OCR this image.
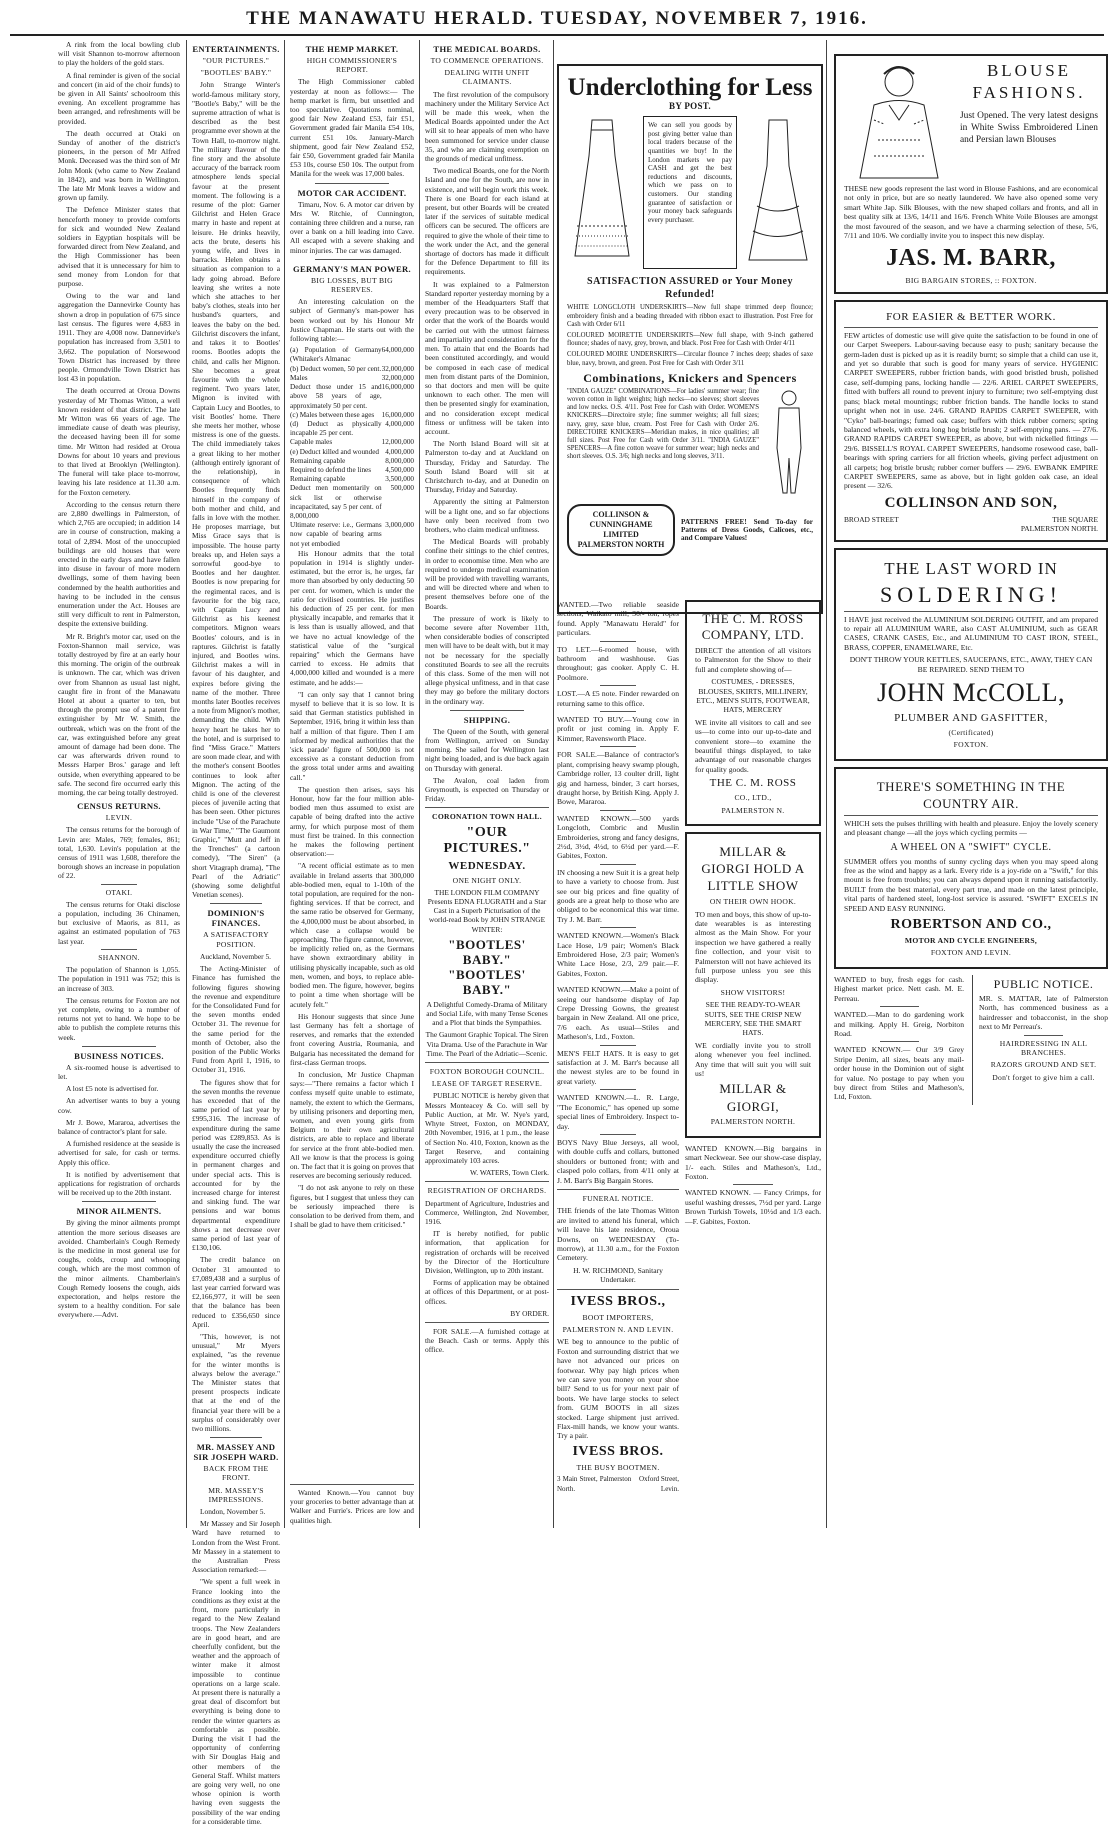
THE MANAWATU HERALD. TUESDAY, NOVEMBER 7, 1916.

A rink from the local bowling club will visit Shannon to-morrow afternoon to play the holders of the gold stars.

A final reminder is given of the social and concert (in aid of the choir funds) to be given in All Saints' schoolroom this evening. An excellent programme has been arranged, and refreshments will be provided.

The death occurred at Otaki on Sunday of another of the district's pioneers, in the person of Mr Alfred Monk. Deceased was the third son of Mr John Monk (who came to New Zealand in 1842), and was born in Wellington. The late Mr Monk leaves a widow and grown up family.

The Defence Minister states that henceforth money to provide comforts for sick and wounded New Zealand soldiers in Egyptian hospitals will be forwarded direct from New Zealand, and the High Commissioner has been advised that it is unnecessary for him to send money from London for that purpose.

Owing to the war and land aggregation the Dannevirke County has shown a drop in population of 675 since last census. The figures were 4,683 in 1911. They are 4,008 now. Dannevirke's population has increased from 3,501 to 3,662. The population of Norsewood Town District has increased by three people. Ormondville Town District has lost 43 in population.

The death occurred at Oroua Downs yesterday of Mr Thomas Witton, a well known resident of that district. The late Mr Witton was 66 years of age. The immediate cause of death was pleurisy, the deceased having been ill for some time. Mr Witton had resided at Oroua Downs for about 10 years and previous to that lived at Brooklyn (Wellington). The funeral will take place to-morrow, leaving his late residence at 11.30 a.m. for the Foxton cemetery.

According to the census return there are 2,880 dwellings in Palmerston, of which 2,765 are occupied; in addition 14 are in course of construction, making a total of 2,894. Most of the unoccupied buildings are old houses that were erected in the early days and have fallen into disuse in favour of more modern dwellings, some of them having been condemned by the health authorities and having to be included in the census enumeration under the Act. Houses are still very difficult to rent in Palmerston, despite the extensive building.

Mr R. Bright's motor car, used on the Foxton-Shannon mail service, was totally destroyed by fire at an early hour this morning. The origin of the outbreak is unknown. The car, which was driven over from Shannon as usual last night, caught fire in front of the Manawatu Hotel at about a quarter to ten, but through the prompt use of a patent fire extinguisher by Mr W. Smith, the outbreak, which was on the front of the car, was extinguished before any great amount of damage had been done. The car was afterwards driven round to Messrs Harper Bros.' garage and left outside, when everything appeared to be safe. The second fire occurred early this morning, the car being totally destroyed.

CENSUS RETURNS.
LEVIN.

The census returns for the borough of Levin are: Males, 769; females, 861; total, 1,630. Levin's population at the census of 1911 was 1,608, therefore the borough shows an increase in population of 22.

OTAKI.

The census returns for Otaki disclose a population, including 36 Chinamen, but exclusive of Maoris, as 811, as against an estimated population of 763 last year.

SHANNON.

The population of Shannon is 1,055. The population in 1911 was 752; this is an increase of 303.

The census returns for Foxton are not yet complete, owing to a number of returns not yet to hand. We hope to be able to publish the complete returns this week.

BUSINESS NOTICES.

A six-roomed house is advertised to let.

A lost £5 note is advertised for.

An advertiser wants to buy a young cow.

Mr J. Bowe, Mararoa, advertises the balance of contractor's plant for sale.

A furnished residence at the seaside is advertised for sale, for cash or terms. Apply this office.

It is notified by advertisement that applications for registration of orchards will be received up to the 20th instant.

MINOR AILMENTS.

By giving the minor ailments prompt attention the more serious diseases are avoided. Chamberlain's Cough Remedy is the medicine in most general use for coughs, colds, croup and whooping cough, which are the most common of the minor ailments. Chamberlain's Cough Remedy loosens the cough, aids expectoration, and helps restore the system to a healthy condition. For sale everywhere.—Advt.

ENTERTAINMENTS.
"OUR PICTURES."
"BOOTLES' BABY."

John Strange Winter's world-famous military story, "Bootle's Baby," will be the supreme attraction of what is described as the best programme ever shown at the Town Hall, to-morrow night. The military flavour of the fine story and the absolute accuracy of the barrack room atmosphere lends special favour at the present moment. The following is a resume of the plot: Garner Gilchrist and Helen Grace marry in haste and repent at leisure. He drinks heavily, acts the brute, deserts his young wife, and lives in barracks. Helen obtains a situation as companion to a lady going abroad. Before leaving she writes a note which she attaches to her baby's clothes, steals into her husband's quarters, and leaves the baby on the bed. Gilchrist discovers the infant, and takes it to Bootles' rooms. Bootles adopts the child, and calls her Mignon. She becomes a great favourite with the whole regiment. Two years later, Mignon is invited with Captain Lucy and Bootles, to visit Bootles' home. There she meets her mother, whose mistress is one of the guests. The child immediately takes a great liking to her mother (although entirely ignorant of the relationship), in consequence of which Bootles frequently finds himself in the company of both mother and child, and falls in love with the mother. He proposes marriage, but Miss Grace says that is impossible. The house party breaks up, and Helen says a sorrowful good-bye to Bootles and her daughter. Bootles is now preparing for the regimental races, and is favourite for the big race, with Captain Lucy and Gilchrist as his keenest competitors. Mignon wears Bootles' colours, and is in raptures. Gilchrist is fatally injured, and Bootles wins. Gilchrist makes a will in favour of his daughter, and expires before giving the name of the mother. Three months later Bootles receives a note from Mignon's mother, demanding the child. With heavy heart he takes her to the hotel, and is surprised to find "Miss Grace." Matters are soon made clear, and with the mother's consent Bootles continues to look after Mignon. The acting of the child is one of the cleverest pieces of juvenile acting that has been seen. Other pictures include "Use of the Parachute in War Time," "The Gaumont Graphic," "Mutt and Jeff in the Trenches" (a cartoon comedy), "The Siren" (a short Vitagraph drama), "The Pearl of the Adriatic" (showing some delightful Venetian scenes).

DOMINION'S FINANCES.
A SATISFACTORY POSITION.

Auckland, November 5.

The Acting-Minister of Finance has furnished the following figures showing the revenue and expenditure for the Consolidated Fund for the seven months ended October 31. The revenue for the same period for the month of October, also the position of the Public Works Fund from April 1, 1916, to October 31, 1916.

The figures show that for the seven months the revenue has exceeded that of the same period of last year by £995,316. The increase of expenditure during the same period was £289,853. As is usually the case the increased expenditure occurred chiefly in permanent charges and under special acts. This is accounted for by the increased charge for interest and sinking fund. The war pensions and war bonus departmental expenditure shows a net decrease over same period of last year of £130,106.

The credit balance on October 31 amounted to £7,089,438 and a surplus of last year carried forward was £2,166,977, it will be seen that the balance has been reduced to £356,650 since April.

"This, however, is not unusual," Mr Myers explained, "as the revenue for the winter months is always below the average." The Minister states that present prospects indicate that at the end of the financial year there will be a surplus of considerably over two millions.

MR. MASSEY AND SIR JOSEPH WARD.
BACK FROM THE FRONT.
MR. MASSEY'S IMPRESSIONS.

London, November 5.

Mr Massey and Sir Joseph Ward have returned to London from the West Front. Mr Massey in a statement to the Australian Press Association remarked:—

"We spent a full week in France looking into the conditions as they exist at the front, more particularly in regard to the New Zealand troops. The New Zealanders are in good heart, and are cheerfully confident, but the weather and the approach of winter make it almost impossible to continue operations on a large scale. At present there is naturally a great deal of discomfort but everything is being done to render the winter quarters as comfortable as possible. During the visit I had the opportunity of conferring with Sir Douglas Haig and other members of the General Staff. Whilst matters are going very well, no one whose opinion is worth having even suggests the possibility of the war ending for a considerable time.

THE HEMP MARKET.
HIGH COMMISSIONER'S REPORT.

The High Commissioner cabled yesterday at noon as follows:— The hemp market is firm, but unsettled and too speculative. Quotations nominal, good fair New Zealand £53, fair £51, Government graded fair Manila £54 10s, current £51 10s. January-March shipment, good fair New Zealand £52, fair £50, Government graded fair Manila £53 10s, course £50 10s. The output from Manila for the week was 17,000 bales.

MOTOR CAR ACCIDENT.

Timaru, Nov. 6. A motor car driven by Mrs W. Ritchie, of Cunnington, containing three children and a nurse, ran over a bank on a hill leading into Cave. All escaped with a severe shaking and minor injuries. The car was damaged.

GERMANY'S MAN POWER.
BIG LOSSES, BUT BIG RESERVES.

An interesting calculation on the subject of Germany's man-power has been worked out by his Honour Mr Justice Chapman. He starts out with the following table:—

(a) Population of Germany (Whitaker's Almanac	64,000,000
(b) Deduct women, 50 per cent.	32,000,000
Males	32,000,000
Deduct those under 15 and above 58 years of age, approximately 50 per cent.	16,000,000
(c) Males between these ages	16,000,000
(d) Deduct as physically incapable 25 per cent.	4,000,000
Capable males	12,000,000
(e) Deduct killed and wounded	4,000,000
Remaining capable	8,000,000
Required to defend the lines	4,500,000
Remaining capable	3,500,000
Deduct men momentarily on sick list or otherwise incapacitated, say 5 per cent. of 8,000,000	500,000
Ultimate reserve: i.e., Germans now capable of bearing arms not yet embodied	3,000,000

His Honour admits that the total population in 1914 is slightly under-estimated, but the error is, he urges, far more than absorbed by only deducting 50 per cent. for women, which is under the ratio for civilised countries. He justifies his deduction of 25 per cent. for men physically incapable, and remarks that it is less than is usually allowed, and that we have no actual knowledge of the statistical value of the "surgical repairing" which the Germans have carried to excess. He admits that 4,000,000 killed and wounded is a mere estimate, and he adds:—

"I can only say that I cannot bring myself to believe that it is so low. It is said that German statistics published in September, 1916, bring it within less than half a million of that figure. Then I am informed by medical authorities that the 'sick parade' figure of 500,000 is not excessive as a constant deduction from the gross total under arms and awaiting call."

The question then arises, says his Honour, how far the four million able-bodied men thus assumed to exist are capable of being drafted into the active army, for which purpose most of them must first be trained. In this connection he makes the following pertinent observation:—

"A recent official estimate as to men available in Ireland asserts that 300,000 able-bodied men, equal to 1-10th of the total population, are required for the non-fighting services. If that be correct, and the same ratio be observed for Germany, the 4,000,000 must be about absorbed, in which case a collapse would be approaching. The figure cannot, however, be implicitly relied on, as the Germans have shown extraordinary ability in utilising physically incapable, such as old men, women, and boys, to replace able-bodied men. The figure, however, begins to point a time when shortage will be acutely felt."

His Honour suggests that since June last Germany has felt a shortage of reserves, and remarks that the extended front covering Austria, Roumania, and Bulgaria has necessitated the demand for first-class German troops.

In conclusion, Mr Justice Chapman says:—"There remains a factor which I confess myself quite unable to estimate, namely, the extent to which the Germans, by utilising prisoners and deporting men, women, and even young girls from Belgium to their own agricultural districts, are able to replace and liberate for service at the front able-bodied men. All we know is that the process is going on. The fact that it is going on proves that reserves are becoming seriously reduced.

"I do not ask anyone to rely on these figures, but I suggest that unless they can be seriously impeached there is consolation to be derived from them, and I shall be glad to have them criticised."

Wanted Known.—You cannot buy your groceries to better advantage than at Walker and Furrie's. Prices are low and qualities high.

THE MEDICAL BOARDS.
TO COMMENCE OPERATIONS.
DEALING WITH UNFIT CLAIMANTS.

The first revolution of the compulsory machinery under the Military Service Act will be made this week, when the Medical Boards appointed under the Act will sit to hear appeals of men who have been summoned for service under clause 35, and who are claiming exemption on the grounds of medical unfitness.

Two medical Boards, one for the North Island and one for the South, are now in existence, and will begin work this week. There is one Board for each island at present, but other Boards will be created later if the services of suitable medical officers can be secured. The officers are required to give the whole of their time to the work under the Act, and the general shortage of doctors has made it difficult for the Defence Department to fill its requirements.

It was explained to a Palmerston Standard reporter yesterday morning by a member of the Headquarters Staff that every precaution was to be observed in order that the work of the Boards would be carried out with the utmost fairness and impartiality and consideration for the men. To attain that end the Boards had been constituted accordingly, and would be composed in each case of medical men from distant parts of the Dominion, so that doctors and men will be quite unknown to each other. The men will then be presented singly for examination, and no consideration except medical fitness or unfitness will be taken into account.

The North Island Board will sit at Palmerston to-day and at Auckland on Thursday, Friday and Saturday. The South Island Board will sit at Christchurch to-day, and at Dunedin on Thursday, Friday and Saturday.

Apparently the sitting at Palmerston will be a light one, and so far objections have only been received from two brothers, who claim medical unfitness.

The Medical Boards will probably confine their sittings to the chief centres, in order to economise time. Men who are required to undergo medical examination will be provided with travelling warrants, and will be directed where and when to present themselves before one of the Boards.

The pressure of work is likely to become severe after November 11th, when considerable bodies of conscripted men will have to be dealt with, but it may not be necessary for the specially constituted Boards to see all the recruits of this class. Some of the men will not allege physical unfitness, and in that case they may go before the military doctors in the ordinary way.

SHIPPING.

The Queen of the South, with general from Wellington, arrived on Sunday morning. She sailed for Wellington last night being loaded, and is due back again on Thursday with general.

The Avalon, coal laden from Greymouth, is expected on Thursday or Friday.

CORONATION TOWN HALL.
"OUR PICTURES."
WEDNESDAY.
ONE NIGHT ONLY.

THE LONDON FILM COMPANY Presents EDNA FLUGRATH and a Star Cast in a Superb Picturisation of the world-read Book by JOHN STRANGE WINTER:

"BOOTLES' BABY." "BOOTLES' BABY."

A Delightful Comedy-Drama of Military and Social Life, with many Tense Scenes and a Plot that binds the Sympathies.

The Gaumont Graphic Topical. The Siren Vita Drama. Use of the Parachute in War Time. The Pearl of the Adriatic—Scenic.

FOXTON BOROUGH COUNCIL.
LEASE OF TARGET RESERVE.

PUBLIC NOTICE is hereby given that Messrs Monteacey & Co. will sell by Public Auction, at Mr. W. Nye's yard, Whyte Street, Foxton, on MONDAY, 20th November, 1916, at 1 p.m., the lease of Section No. 410, Foxton, known as the Target Reserve, and containing approximately 103 acres.

W. WATERS, Town Clerk.

REGISTRATION OF ORCHARDS.

Department of Agriculture, Industries and Commerce, Wellington, 2nd November, 1916.

IT is hereby notified, for public information, that application for registration of orchards will be received by the Director of the Horticulture Division, Wellington, up to 20th instant.

Forms of application may be obtained at offices of this Department, or at post-offices.

BY ORDER.

FOR SALE.—A furnished cottage at the Beach. Cash or terms. Apply this office.

Underclothing for Less
BY POST.
We can sell you goods by post giving better value than local traders because of the quantities we buy! In the London markets we pay CASH and get the best reductions and discounts, which we pass on to customers. Our standing guarantee of satisfaction or your money back safeguards every purchaser.
SATISFACTION ASSURED or Your Money Refunded!

WHITE LONGCLOTH UNDERSKIRTS—New full shape trimmed deep flounce; embroidery finish and a beading threaded with ribbon exact to illustration. Post Free for Cash with Order 6/11

COLOURED MOIRETTE UNDERSKIRTS—New full shape, with 9-inch gathered flounce; shades of navy, grey, brown, and black. Post Free for Cash with Order 4/11

COLOURED MOIRE UNDERSKIRTS—Circular flounce 7 inches deep; shades of saxe blue, navy, brown, and green. Post Free for Cash with Order 3/11

Combinations, Knickers and Spencers

"INDIA GAUZE" COMBINATIONS—For ladies' summer wear; fine woven cotton in light weights; high necks—no sleeves; short sleeves and low necks. O.S. 4/11. Post Free for Cash with Order. WOMEN'S KNICKERS—Directoire style; fine summer weights; all full sizes; navy, grey, saxe blue, cream. Post Free for Cash with Order 2/6. DIRECTOIRE KNICKERS—Meridian makes, in nice qualities; all full sizes. Post Free for Cash with Order 3/11. "INDIA GAUZE" SPENCERS—A fine cotton weave for summer wear; high necks and short sleeves. O.S. 3/6; high necks and long sleeves, 3/11.

COLLINSON & CUNNINGHAME
LIMITED
PALMERSTON NORTH
PATTERNS FREE! Send To-day for Patterns of Dress Goods, Calicoes, etc., and Compare Values!

WANTED.—Two reliable seaside sections, Waikato mill; 30/- ton, ropes found. Apply "Manawatu Herald" for particulars.

TO LET.—6-roomed house, with bathroom and washhouse. Gas throughout; gas cooker. Apply C. H. Poolmore.

LOST.—A £5 note. Finder rewarded on returning same to this office.

WANTED TO BUY.—Young cow in profit or just coming in. Apply F. Kimmer, Ravensworth Place.

FOR SALE.—Balance of contractor's plant, comprising heavy swamp plough, Cambridge roller, 13 coulter drill, light gig and harness, binder, 3 cart horses, draught horse, by British King. Apply J. Bowe, Mararoa.

WANTED KNOWN.—500 yards Longcloth, Combric and Muslin Embroideries, strong and fancy designs, 2½d, 3½d, 4½d, to 6½d per yard.—F. Gabites, Foxton.

IN choosing a new Suit it is a great help to have a variety to choose from. Just see our big prices and fine quality of goods are a great help to those who are obliged to be economical this war time. Try J. M. Barr.

WANTED KNOWN.—Women's Black Lace Hose, 1/9 pair; Women's Black Embroidered Hose, 2/3 pair; Women's White Lace Hose, 2/3, 2/9 pair.—F. Gabites, Foxton.

WANTED KNOWN.—Make a point of seeing our handsome display of Jap Crepe Dressing Gowns, the greatest bargain in New Zealand. All one price, 7/6 each. As usual—Stiles and Matheson's, Ltd., Foxton.

MEN'S FELT HATS. It is easy to get satisfaction at J. M. Barr's because all the newest styles are to be found in great variety.

WANTED KNOWN.—L. R. Large, "The Economic," has opened up some special lines of Embroidery. Inspect to-day.

BOYS Navy Blue Jerseys, all wool, with double cuffs and collars, buttoned shoulders or buttoned front; with and clasped polo collars, from 4/11 only at J. M. Barr's Big Bargain Stores.

FUNERAL NOTICE.

THE friends of the late Thomas Witton are invited to attend his funeral, which will leave his late residence, Oroua Downs, on WEDNESDAY (To-morrow), at 11.30 a.m., for the Foxton Cemetery.

H. W. RICHMOND, Sanitary Undertaker.

IVESS BROS.,
BOOT IMPORTERS,
PALMERSTON N. AND LEVIN.

WE beg to announce to the public of Foxton and surrounding district that we have not advanced our prices on footwear. Why pay high prices when we can save you money on your shoe bill? Send to us for your next pair of boots. We have large stocks to select from. GUM BOOTS in all sizes stocked. Large shipment just arrived. Flax-mill hands, we know your wants. Try a pair.

IVESS BROS.
THE BUSY BOOTMEN.
3 Main Street, Palmerston North.
Oxford Street, Levin.
THE C. M. ROSS COMPANY, LTD.

DIRECT the attention of all visitors to Palmerston for the Show to their full and complete showing of—

COSTUMES, - DRESSES, BLOUSES, SKIRTS, MILLINERY, ETC., MEN'S SUITS, FOOTWEAR, HATS, MERCERY

WE invite all visitors to call and see us—to come into our up-to-date and convenient store—to examine the beautiful things displayed, to take advantage of our reasonable charges for quality goods.

THE C. M. ROSS
CO., LTD.,
PALMERSTON N.
MILLAR & GIORGI HOLD A LITTLE SHOW
ON THEIR OWN HOOK.

TO men and boys, this show of up-to-date wearables is as interesting almost as the Main Show. For your inspection we have gathered a really fine collection, and your visit to Palmerston will not have achieved its full purpose unless you see this display.

SHOW VISITORS!

SEE THE READY-TO-WEAR SUITS, SEE THE CRISP NEW MERCERY, SEE THE SMART HATS.

WE cordially invite you to stroll along whenever you feel inclined. Any time that will suit you will suit us!

MILLAR &
GIORGI,
PALMERSTON NORTH.

WANTED KNOWN.—Big bargains in smart Neckwear. See our show-case display, 1/- each. Stiles and Matheson's, Ltd., Foxton.

WANTED KNOWN. — Fancy Crimps, for useful washing dresses, 7½d per yard. Large Brown Turkish Towels, 10½d and 1/3 each. —F. Gabites, Foxton.

BLOUSE
FASHIONS.

Just Opened. The very latest designs in White Swiss Embroidered Linen and Persian lawn Blouses

THESE new goods represent the last word in Blouse Fashions, and are economical not only in price, but are so neatly laundered. We have also opened some very smart White Jap. Silk Blouses, with the new shaped collars and fronts, and all in best quality silk at 13/6, 14/11 and 16/6. French White Voile Blouses are amongst the most favoured of the season, and we have a charming selection of these, 5/6, 7/11 and 10/6. We cordially invite you to inspect this new display.

JAS. M. BARR,
BIG BARGAIN STORES, :: FOXTON.
FOR EASIER & BETTER WORK.

FEW articles of domestic use will give quite the satisfaction to be found in one of our Carpet Sweepers. Labour-saving because easy to push; sanitary because the germ-laden dust is picked up as it is readily burnt; so simple that a child can use it, and yet so durable that such is good for many years of service. HYGIENIC CARPET SWEEPERS, rubber friction bands, with good bristled brush, polished case, self-dumping pans, locking handle — 22/6. ARIEL CARPET SWEEPERS, fitted with buffers all round to prevent injury to furniture; two self-emptying dust pans; black metal mountings; rubber friction bands. The handle locks to stand upright when not in use. 24/6. GRAND RAPIDS CARPET SWEEPER, with "Cyko" ball-bearings; fumed oak case; buffers with thick rubber corners; spring balanced wheels, with extra long hog bristle brush; 2 self-emptying pans. — 27/6. GRAND RAPIDS CARPET SWEEPER, as above, but with nickelled fittings — 29/6. BISSELL'S ROYAL CARPET SWEEPERS, handsome rosewood case, ball-bearings with spring carriers for all friction wheels, giving perfect adjustment on all carpets; hog bristle brush; rubber corner buffers — 29/6. EWBANK EMPIRE CARPET SWEEPERS, same as above, but in light golden oak case, an ideal present — 32/6.

COLLINSON AND SON,
BROAD STREET	THE SQUARE
PALMERSTON NORTH.
THE LAST WORD IN
SOLDERING!

I HAVE just received the ALUMINIUM SOLDERING OUTFIT, and am prepared to repair all ALUMINIUM WARE, also CAST ALUMINIUM, such as GEAR CASES, CRANK CASES, Etc., and ALUMINIUM TO CAST IRON, STEEL, BRASS, COPPER, ENAMELWARE, Etc.

DON'T THROW YOUR KETTLES, SAUCEPANS, ETC., AWAY, THEY CAN BE REPAIRED. SEND THEM TO

JOHN McCOLL,
PLUMBER AND GASFITTER,
(Certificated)
FOXTON.
THERE'S SOMETHING IN THE COUNTRY AIR.

WHICH sets the pulses thrilling with health and pleasure. Enjoy the lovely scenery and pleasant change —all the joys which cycling permits —

A WHEEL ON A "SWIFT" CYCLE.

SUMMER offers you months of sunny cycling days when you may speed along free as the wind and happy as a lark. Every ride is a joy-ride on a "Swift," for this mount is free from troubles; you can always depend upon it running satisfactorily. BUILT from the best material, every part true, and made on the latest principle, vital parts of hardened steel, long-lost service is assured. "SWIFT" EXCELS IN SPEED AND EASY RUNNING.

ROBERTSON AND CO.,
MOTOR AND CYCLE ENGINEERS,
FOXTON AND LEVIN.

WANTED to buy, fresh eggs for cash. Highest market price. Nett cash. M. E. Perreau.

WANTED.—Man to do gardening work and milking. Apply H. Greig, Norbiton Road.

WANTED KNOWN.— Our 3/9 Grey Stripe Denim, all sizes, beats any mail-order house in the Dominion out of sight for value. No postage to pay when you buy direct from Stiles and Matheson's, Ltd, Foxton.

PUBLIC NOTICE.

MR. S. MATTAR, late of Palmerston North, has commenced business as a hairdresser and tobacconist, in the shop next to Mr Perreau's.

HAIRDRESSING IN ALL BRANCHES.
RAZORS GROUND AND SET.
Don't forget to give him a call.
